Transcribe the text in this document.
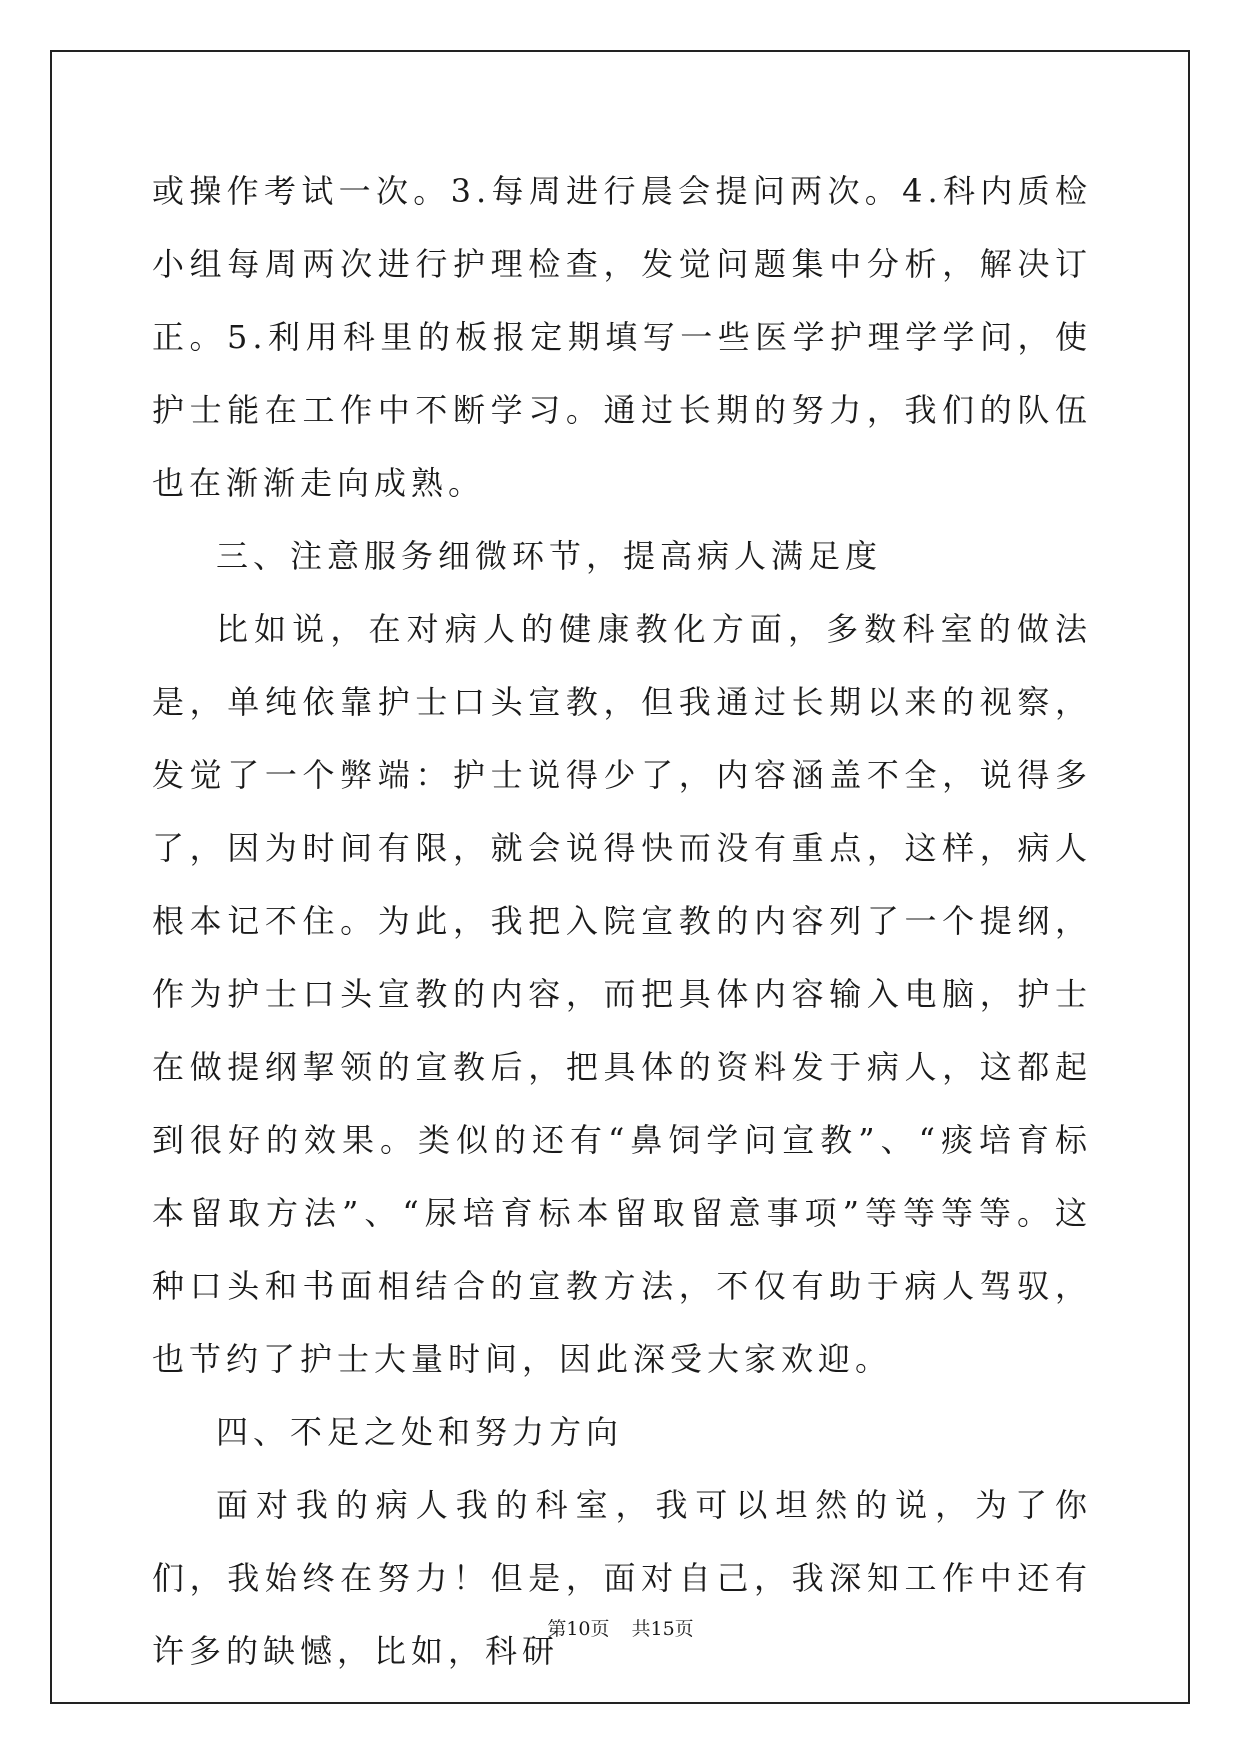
或操作考试一次。3.每周进行晨会提问两次。4.科内质检小组每周两次进行护理检查，发觉问题集中分析，解决订正。5.利用科里的板报定期填写一些医学护理学学问，使护士能在工作中不断学习。通过长期的努力，我们的队伍也在渐渐走向成熟。

三、注意服务细微环节，提高病人满足度

比如说，在对病人的健康教化方面，多数科室的做法是，单纯依靠护士口头宣教，但我通过长期以来的视察，发觉了一个弊端：护士说得少了，内容涵盖不全，说得多了，因为时间有限，就会说得快而没有重点，这样，病人根本记不住。为此，我把入院宣教的内容列了一个提纲，作为护士口头宣教的内容，而把具体内容输入电脑，护士在做提纲挈领的宣教后，把具体的资料发于病人，这都起到很好的效果。类似的还有“鼻饲学问宣教”、“痰培育标本留取方法”、“尿培育标本留取留意事项”等等等等。这种口头和书面相结合的宣教方法，不仅有助于病人驾驭，也节约了护士大量时间，因此深受大家欢迎。

四、不足之处和努力方向

面对我的病人我的科室，我可以坦然的说，为了你们，我始终在努力！但是，面对自己，我深知工作中还有许多的缺憾，比如，科研

第10页 共15页
